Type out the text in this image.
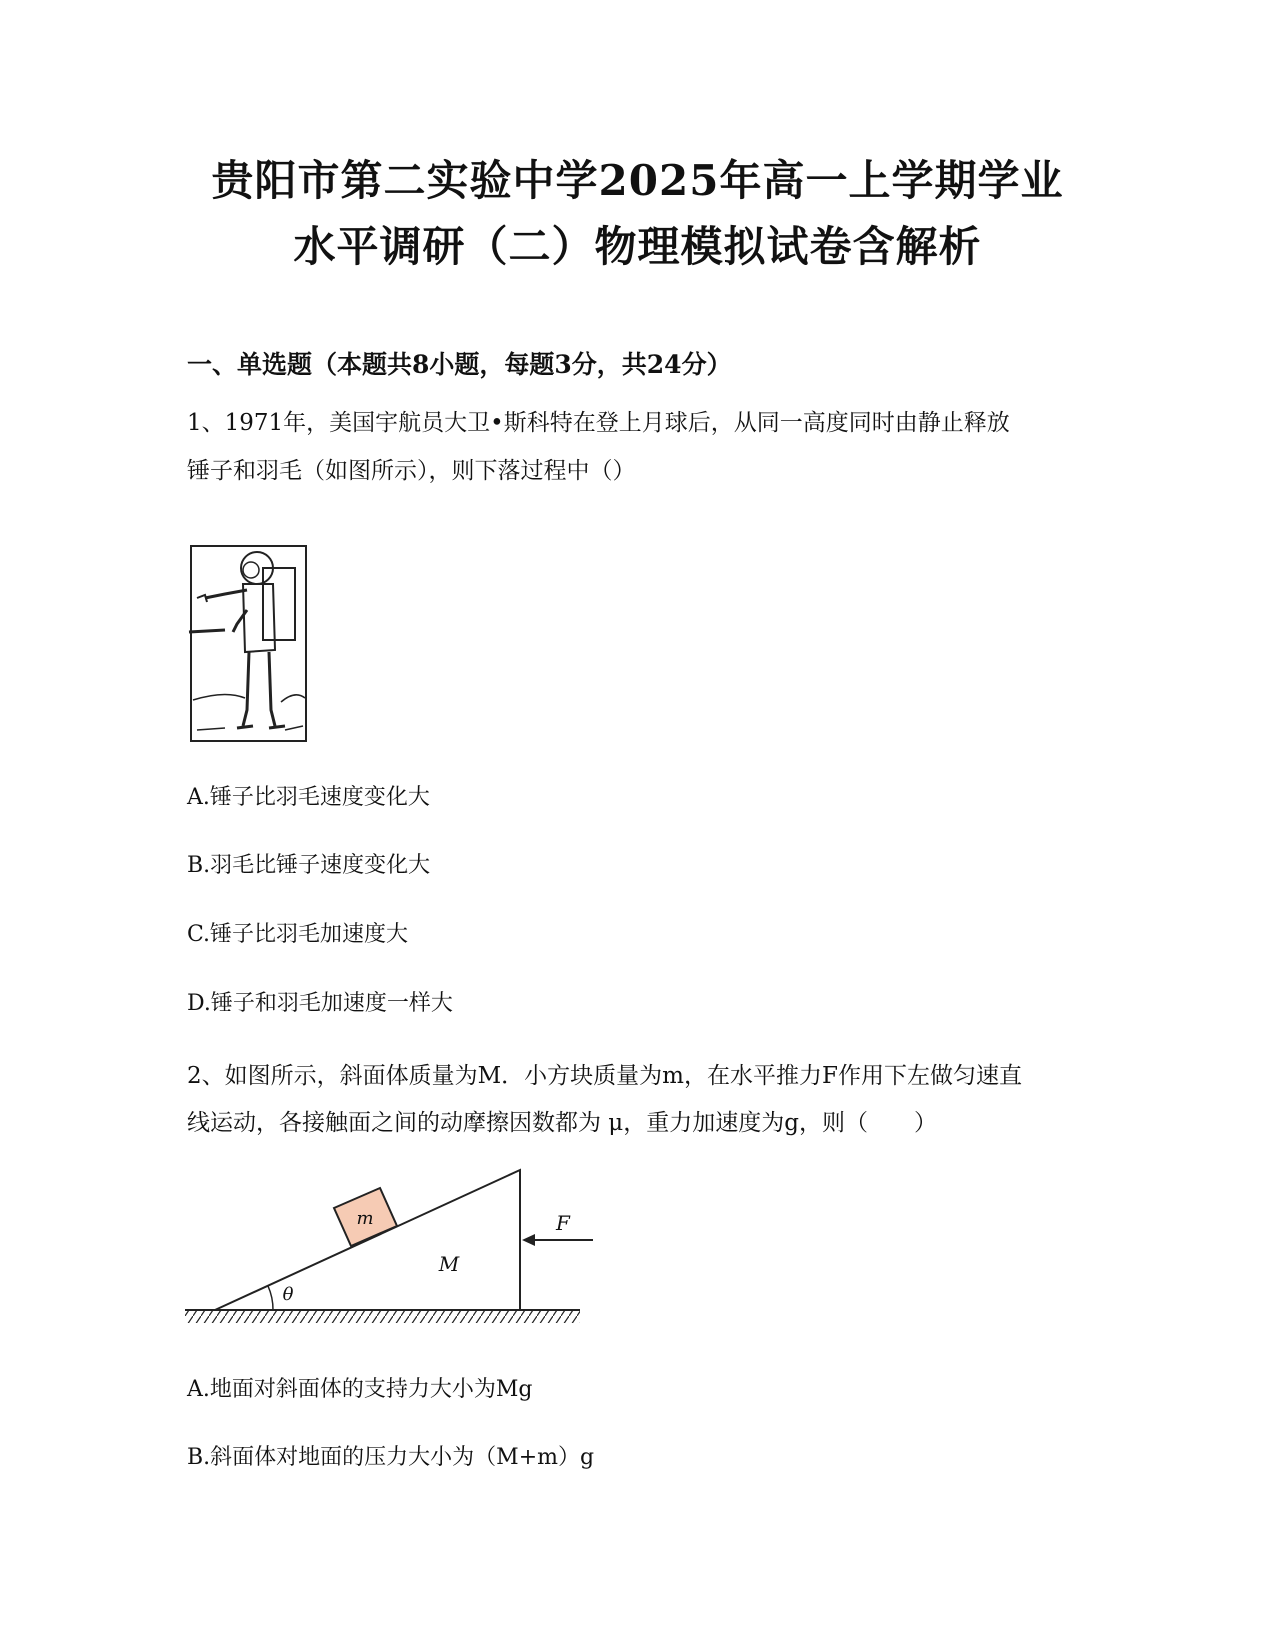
贵阳市第二实验中学2025年高一上学期学业
水平调研（二）物理模拟试卷含解析
一、单选题（本题共8小题，每题3分，共24分）
1、1971年，美国宇航员大卫•斯科特在登上月球后，从同一高度同时由静止释放
锤子和羽毛（如图所示），则下落过程中（）
A.锤子比羽毛速度变化大
B.羽毛比锤子速度变化大
C.锤子比羽毛加速度大
D.锤子和羽毛加速度一样大
2、如图所示，斜面体质量为M．小方块质量为m，在水平推力F作用下左做匀速直
线运动，各接触面之间的动摩擦因数都为 μ，重力加速度为g，则（　　）
m
M
F
θ
A.地面对斜面体的支持力大小为Mg
B.斜面体对地面的压力大小为（M+m）g
